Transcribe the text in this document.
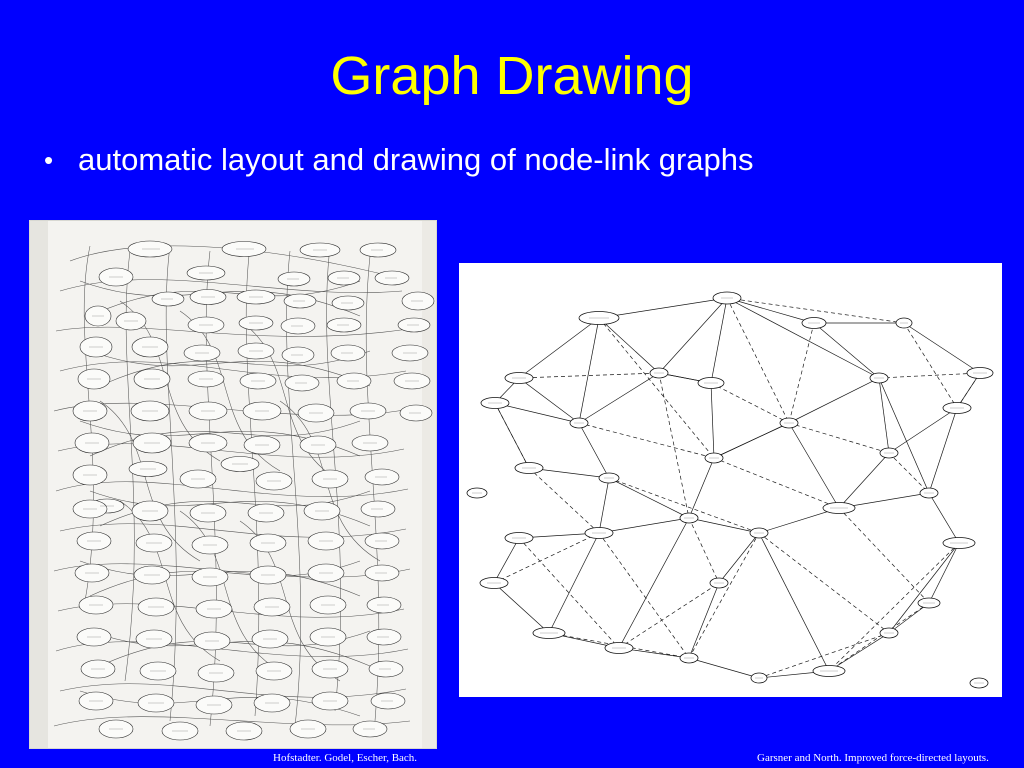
Graph Drawing
• automatic layout and drawing of node-link graphs
Hofstadter. Godel, Escher, Bach.	Garsner and North. Improved force-directed layouts.
